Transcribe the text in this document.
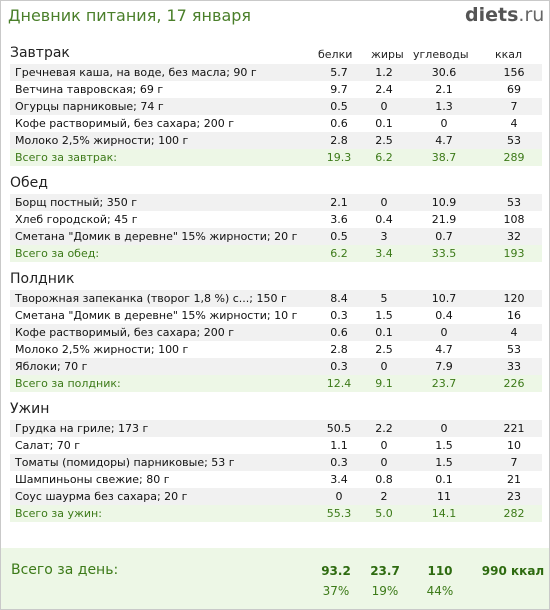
Дневник питания, 17 января	diets.ru
белки жиры углеводы ккал
Завтрак
Гречневая каша, на воде, без масла; 90 г	5.7	1.2	30.6	156
Ветчина тавровская; 69 г	9.7	2.4	2.1	69
Огурцы парниковые; 74 г	0.5	0	1.3	7
Кофе растворимый, без сахара; 200 г	0.6	0.1	0	4
Молоко 2,5% жирности; 100 г	2.8	2.5	4.7	53
Всего за завтрак:	19.3	6.2	38.7	289
Обед
Борщ постный; 350 г	2.1	0	10.9	53
Хлеб городской; 45 г	3.6	0.4	21.9	108
Сметана "Домик в деревне" 15% жирности; 20 г	0.5	3	0.7	32
Всего за обед:	6.2	3.4	33.5	193
Полдник
Творожная запеканка (творог 1,8 %) с...; 150 г	8.4	5	10.7	120
Сметана "Домик в деревне" 15% жирности; 10 г	0.3	1.5	0.4	16
Кофе растворимый, без сахара; 200 г	0.6	0.1	0	4
Молоко 2,5% жирности; 100 г	2.8	2.5	4.7	53
Яблоки; 70 г	0.3	0	7.9	33
Всего за полдник:	12.4	9.1	23.7	226
Ужин
Грудка на гриле; 173 г	50.5	2.2	0	221
Салат; 70 г	1.1	0	1.5	10
Томаты (помидоры) парниковые; 53 г	0.3	0	1.5	7
Шампиньоны свежие; 80 г	3.4	0.8	0.1	21
Соус шаурма без сахара; 20 г	0	2	11	23
Всего за ужин:	55.3	5.0	14.1	282
Всего за день:	93.2	23.7	110	990 ккал
37%	19%	44%
